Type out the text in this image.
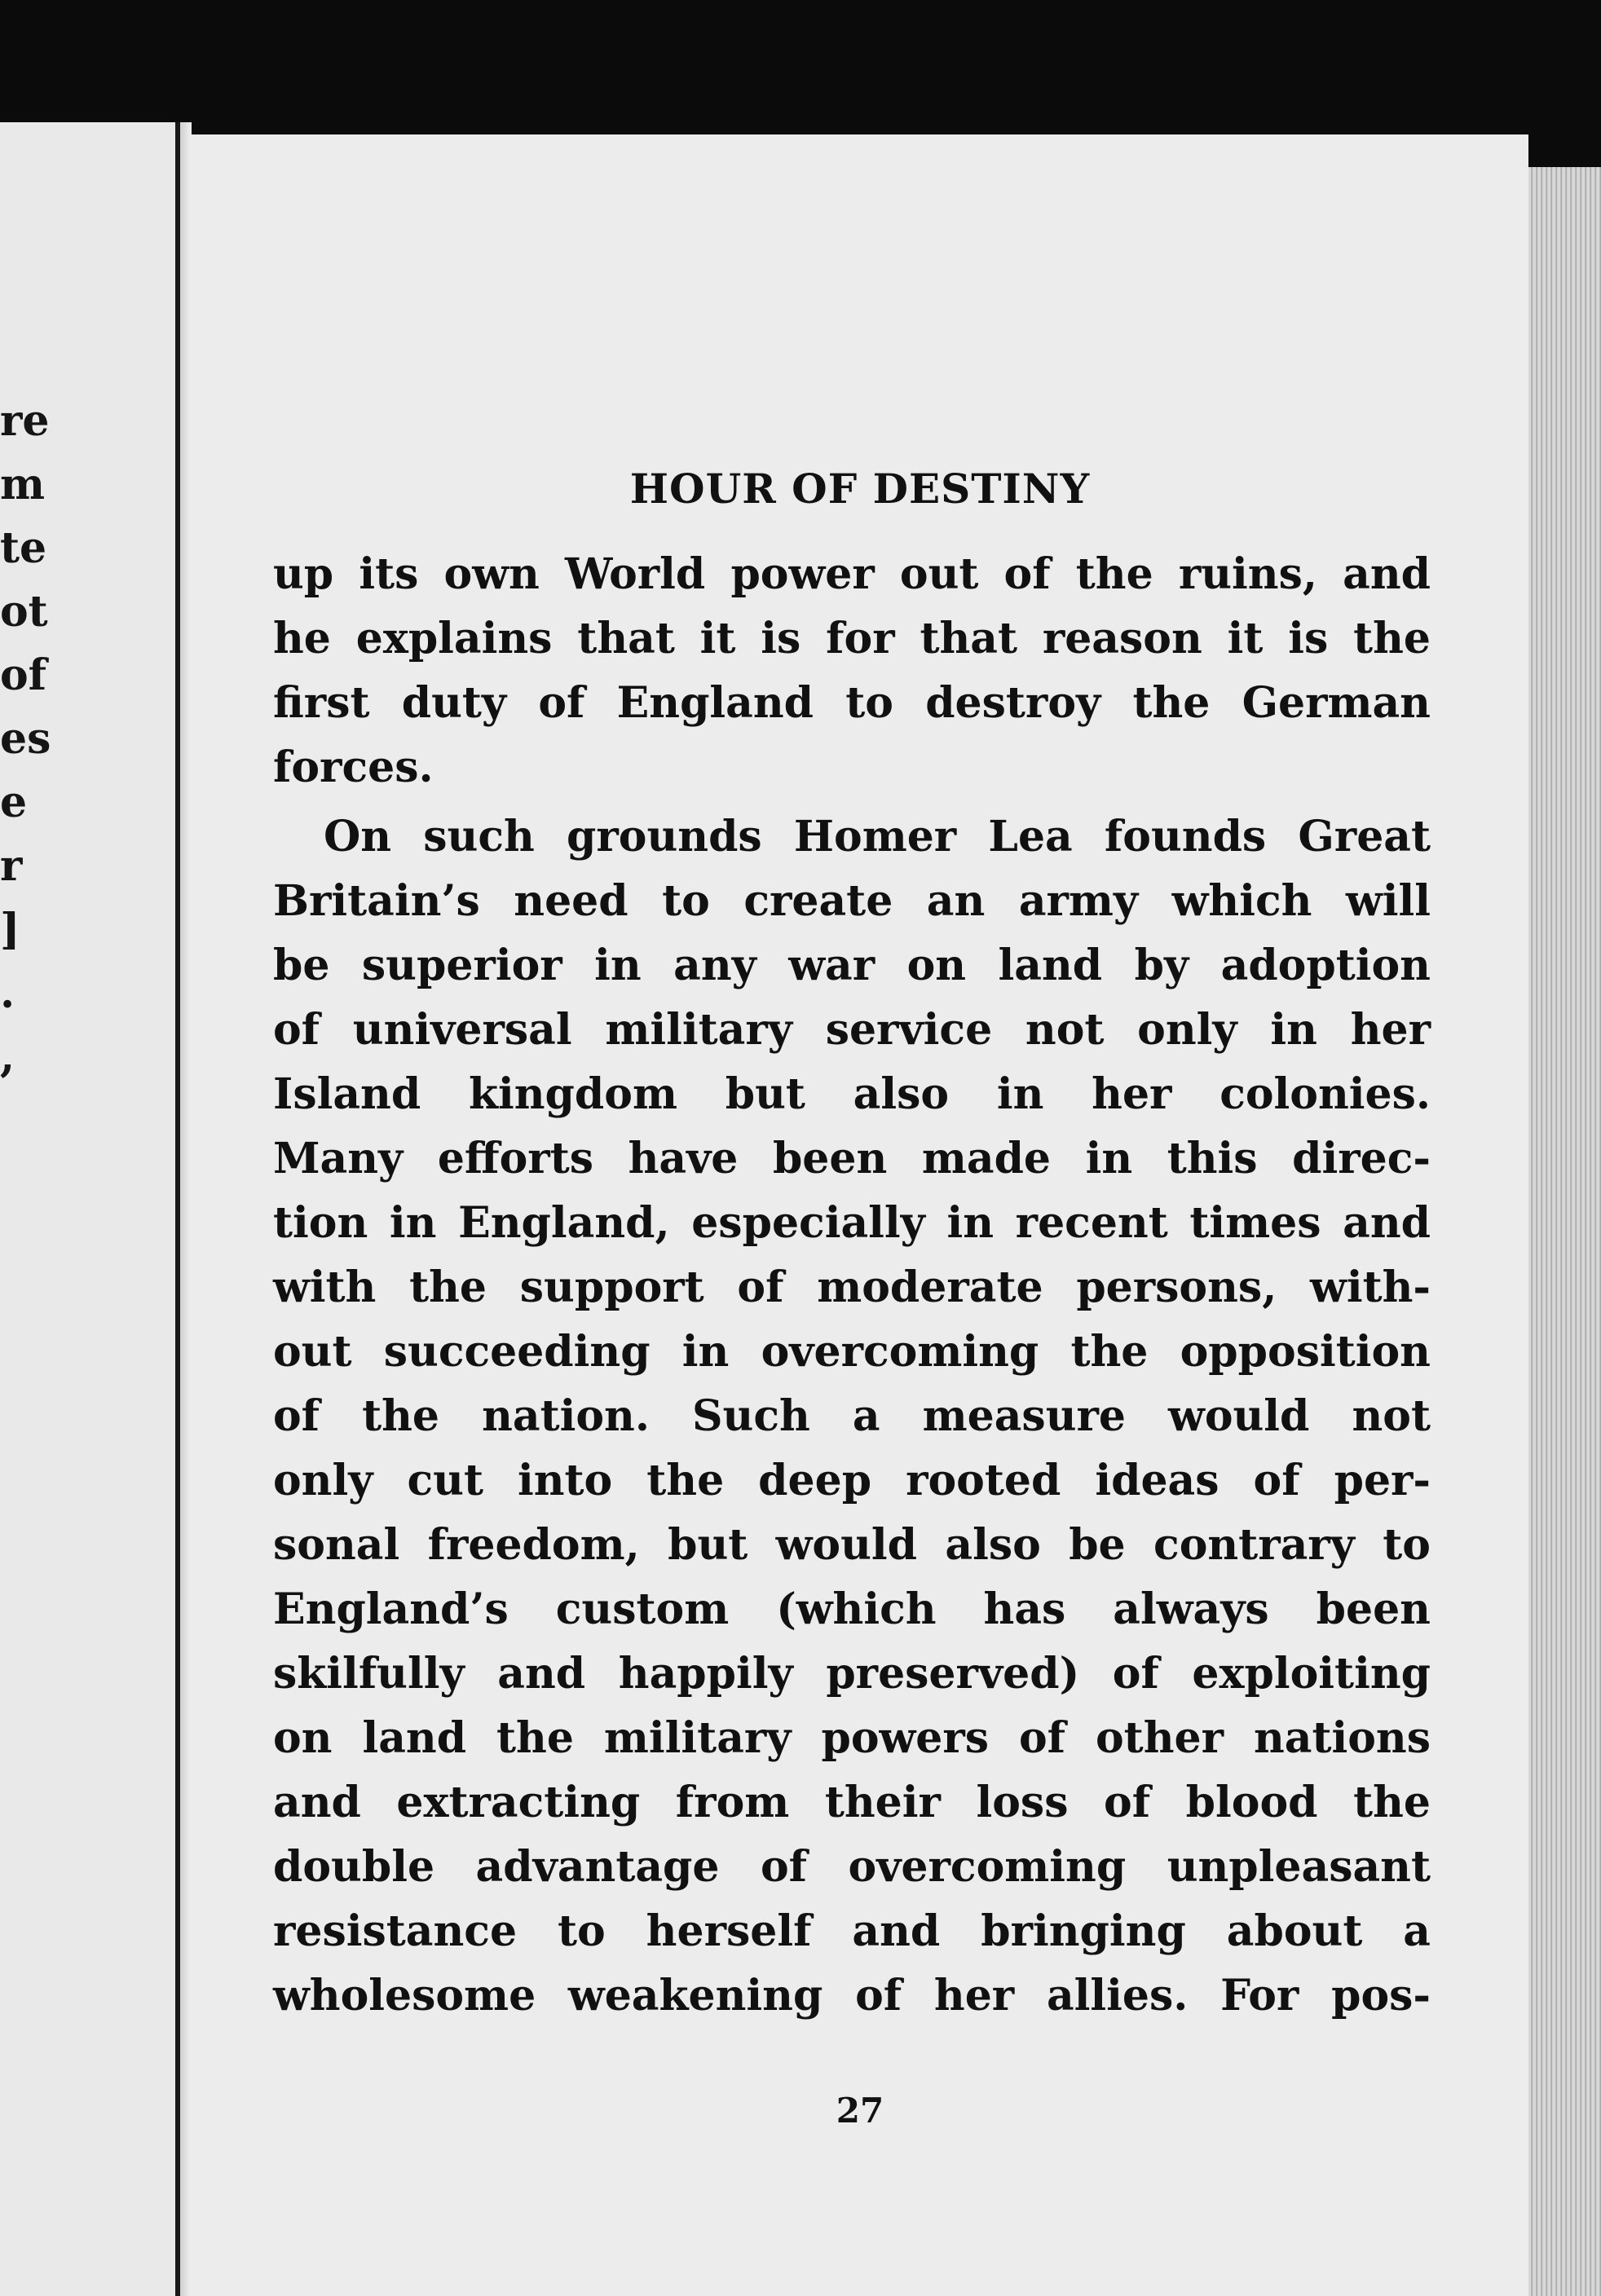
re
m
te
ot
of
es
e
r
]
.
,
HOUR OF DESTINY
up its own World power out of the ruins, and
he explains that it is for that reason it is the
first duty of England to destroy the German
forces.
On such grounds Homer Lea founds Great
Britain’s need to create an army which will
be superior in any war on land by adoption
of universal military service not only in her
Island kingdom but also in her colonies.
Many efforts have been made in this direc-
tion in England, especially in recent times and
with the support of moderate persons, with-
out succeeding in overcoming the opposition
of the nation. Such a measure would not
only cut into the deep rooted ideas of per-
sonal freedom, but would also be contrary to
England’s custom (which has always been
skilfully and happily preserved) of exploiting
on land the military powers of other nations
and extracting from their loss of blood the
double advantage of overcoming unpleasant
resistance to herself and bringing about a
wholesome weakening of her allies. For pos-
27
